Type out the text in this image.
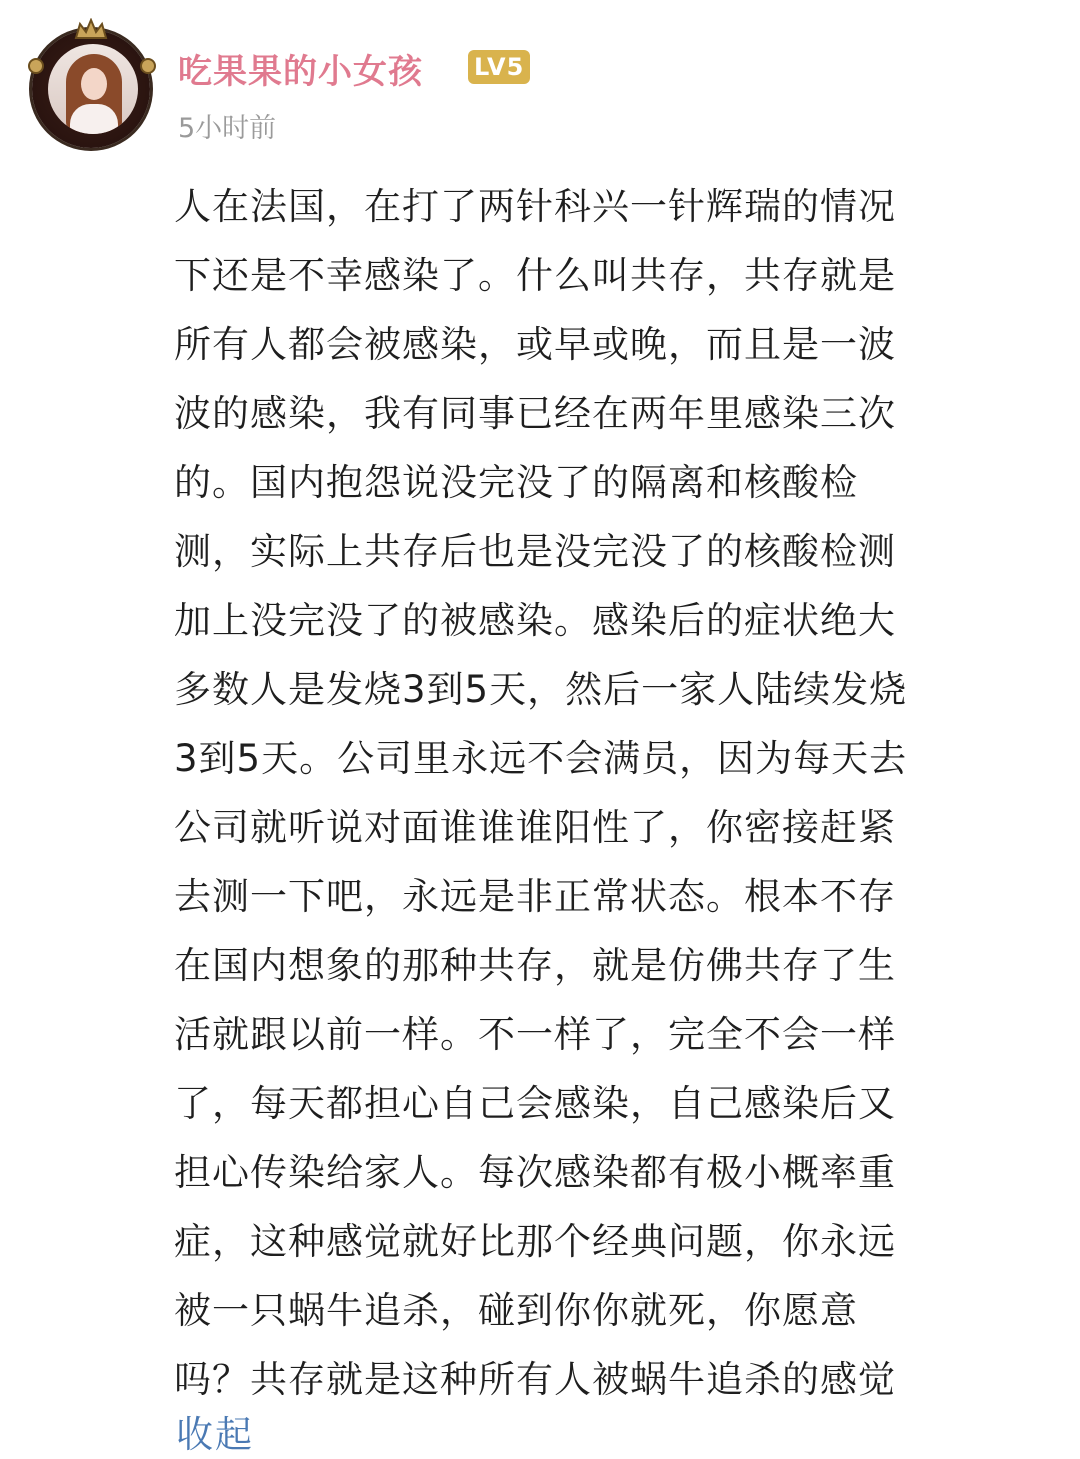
吃果果的小女孩 LV5
5小时前
人在法国，在打了两针科兴一针辉瑞的情况
下还是不幸感染了。什么叫共存，共存就是
所有人都会被感染，或早或晚，而且是一波
波的感染，我有同事已经在两年里感染三次
的。国内抱怨说没完没了的隔离和核酸检
测，实际上共存后也是没完没了的核酸检测
加上没完没了的被感染。感染后的症状绝大
多数人是发烧3到5天，然后一家人陆续发烧
3到5天。公司里永远不会满员，因为每天去
公司就听说对面谁谁谁阳性了，你密接赶紧
去测一下吧，永远是非正常状态。根本不存
在国内想象的那种共存，就是仿佛共存了生
活就跟以前一样。不一样了，完全不会一样
了，每天都担心自己会感染，自己感染后又
担心传染给家人。每次感染都有极小概率重
症，这种感觉就好比那个经典问题，你永远
被一只蜗牛追杀，碰到你你就死，你愿意
吗？共存就是这种所有人被蜗牛追杀的感觉
收起
